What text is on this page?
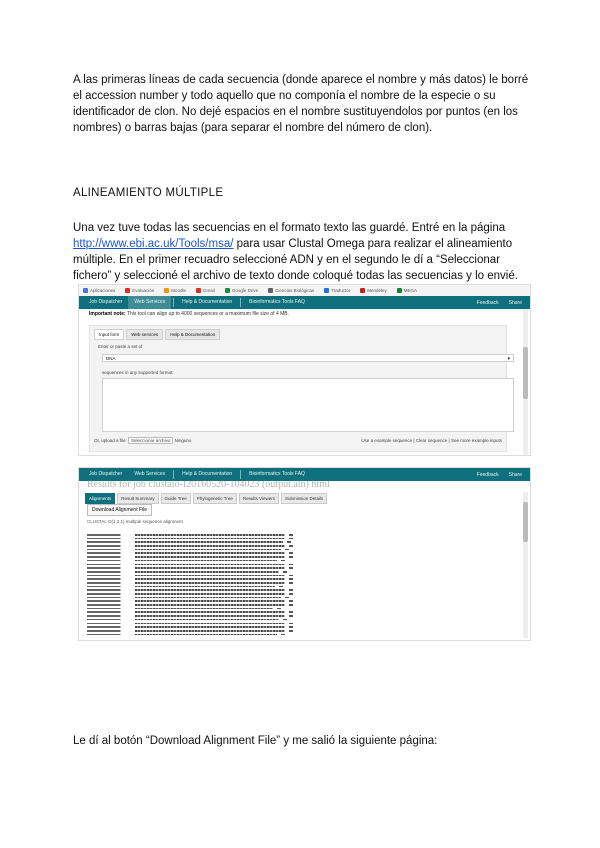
A las primeras líneas de cada secuencia (donde aparece el nombre y más datos) le borré el accession number y todo aquello que no componía el nombre de la especie o su identificador de clon. No dejé espacios en el nombre sustituyendolos por puntos (en los nombres) o barras bajas (para separar el nombre del número de clon).

ALINEAMIENTO MÚLTIPLE

Una vez tuve todas las secuencias en el formato texto las guardé. Entré en la página http://www.ebi.ac.uk/Tools/msa/ para usar Clustal Omega para realizar el alineamiento múltiple. En el primer recuadro seleccioné ADN y en el segundo le dí a “Seleccionar fichero” y seleccioné el archivo de texto donde coloqué todas las secuencias y lo envié.

Aplicaciones	Evaluación	Moodle	Gmail	Google Drive	Ciencias Biológicas	Traductor	Mendeley	MEGA
Job Dispatcher	Web Services	Help & Documentation	Bioinformatics Tools FAQ	Feedback Share
Important note: This tool can align up to 4000 sequences or a maximum file size of 4 MB.
Input form	Web services	Help & Documentation
Enter or paste a set of
DNA	▾
sequences in any supported format:
Or, upload a file: Seleccionar archivo Ninguno	Use a example sequence | Clear sequence | See more example inputs
Job Dispatcher	Web Services	Help & Documentation	Bioinformatics Tools FAQ	Feedback Share
Results for job clustalo-I20160520-104023 (output.aln) html
Alignments	Result Summary	Guide Tree	Phylogenetic Tree	Results Viewers	Submission Details
Download Alignment File
CLUSTAL O(1.2.1) multiple sequence alignment

Le dí al botón “Download Alignment File” y me salió la siguiente página:
